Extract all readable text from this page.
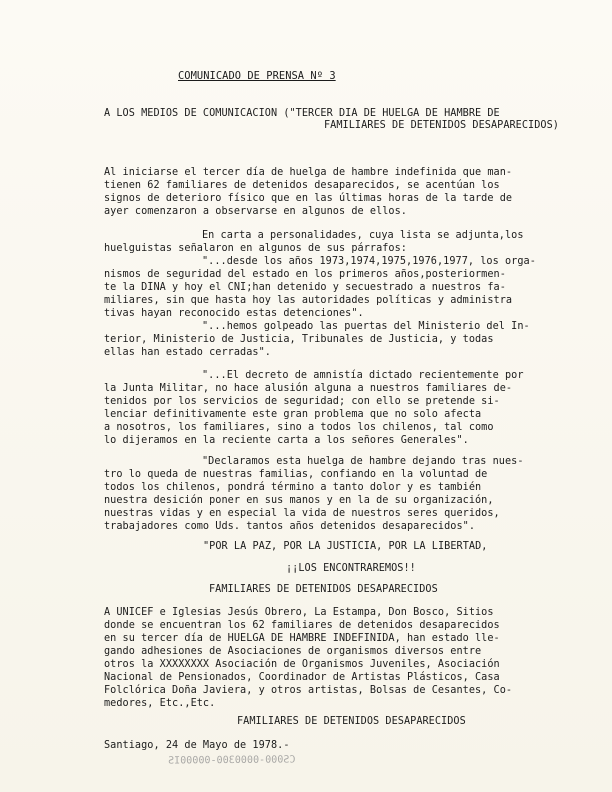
COMUNICADO DE PRENSA Nº 3
A LOS MEDIOS DE COMUNICACION ("TERCER DIA DE HUELGA DE HAMBRE DE
FAMILIARES DE DETENIDOS DESAPARECIDOS)
Al iniciarse el tercer día de huelga de hambre indefinida que man-
tienen 62 familiares de detenidos desaparecidos, se acentúan los
signos de deterioro físico que en las últimas horas de la tarde de
ayer comenzaron a observarse en algunos de ellos.
En carta a personalidades, cuya lista se adjunta,los
huelguistas señalaron en algunos de sus párrafos:
"...desde los años 1973,1974,1975,1976,1977, los orga-
nismos de seguridad del estado en los primeros años,posteriormen-
te la DINA y hoy el CNI;han detenido y secuestrado a nuestros fa-
miliares, sin que hasta hoy las autoridades políticas y administra
tivas hayan reconocido estas detenciones".
"...hemos golpeado las puertas del Ministerio del In-
terior, Ministerio de Justicia, Tribunales de Justicia, y todas
ellas han estado cerradas".
"...El decreto de amnistía dictado recientemente por
la Junta Militar, no hace alusión alguna a nuestros familiares de-
tenidos por los servicios de seguridad; con ello se pretende si-
lenciar definitivamente este gran problema que no solo afecta
a nosotros, los familiares, sino a todos los chilenos, tal como
lo dijeramos en la reciente carta a los señores Generales".
"Declaramos esta huelga de hambre dejando tras nues-
tro lo queda de nuestras familias, confiando en la voluntad de
todos los chilenos, pondrá término a tanto dolor y es también
nuestra desición poner en sus manos y en la de su organización,
nuestras vidas y en especial la vida de nuestros seres queridos,
trabajadores como Uds. tantos años detenidos desaparecidos".
"POR LA PAZ, POR LA JUSTICIA, POR LA LIBERTAD,
¡¡LOS ENCONTRAREMOS!!
FAMILIARES DE DETENIDOS DESAPARECIDOS
A UNICEF e Iglesias Jesús Obrero, La Estampa, Don Bosco, Sitios
donde se encuentran los 62 familiares de detenidos desaparecidos
en su tercer día de HUELGA DE HAMBRE INDEFINIDA, han estado lle-
gando adhesiones de Asociaciones de organismos diversos entre
otros la XXXXXXXX Asociación de Organismos Juveniles, Asociación
Nacional de Pensionados, Coordinador de Artistas Plásticos, Casa
Folclórica Doña Javiera, y otros artistas, Bolsas de Cesantes, Co-
medores, Etc.,Etc.
FAMILIARES DE DETENIDOS DESAPARECIDOS
Santiago, 24 de Mayo de 1978.-
CS000-0000300-00000IS
